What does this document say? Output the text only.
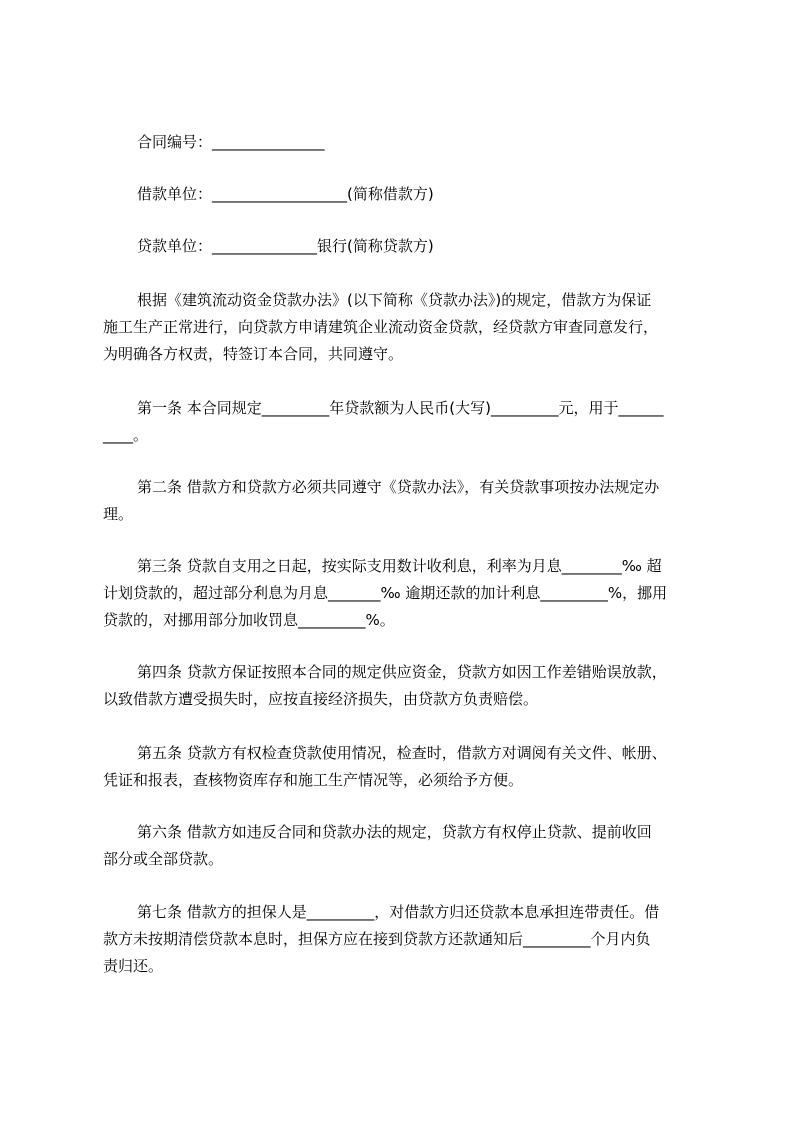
合同编号：_______________
借款单位：__________________(简称借款方)
贷款单位：______________银行(简称贷款方)
根据《建筑流动资金贷款办法》(以下简称《贷款办法》)的规定，借款方为保证
施工生产正常进行，向贷款方申请建筑企业流动资金贷款，经贷款方审查同意发行，
为明确各方权责，特签订本合同，共同遵守。
第一条 本合同规定_________年贷款额为人民币(大写)_________元，用于______
____。
第二条 借款方和贷款方必须共同遵守《贷款办法》，有关贷款事项按办法规定办
理。
第三条 贷款自支用之日起，按实际支用数计收利息，利率为月息________‰ 超
计划贷款的，超过部分利息为月息_______‰ 逾期还款的加计利息_________%，挪用
贷款的，对挪用部分加收罚息_________%。
第四条 贷款方保证按照本合同的规定供应资金，贷款方如因工作差错贻误放款，
以致借款方遭受损失时，应按直接经济损失，由贷款方负责赔偿。
第五条 贷款方有权检查贷款使用情况，检查时，借款方对调阅有关文件、帐册、
凭证和报表，查核物资库存和施工生产情况等，必须给予方便。
第六条 借款方如违反合同和贷款办法的规定，贷款方有权停止贷款、提前收回
部分或全部贷款。
第七条 借款方的担保人是_________，对借款方归还贷款本息承担连带责任。借
款方未按期清偿贷款本息时，担保方应在接到贷款方还款通知后_________个月内负
责归还。
